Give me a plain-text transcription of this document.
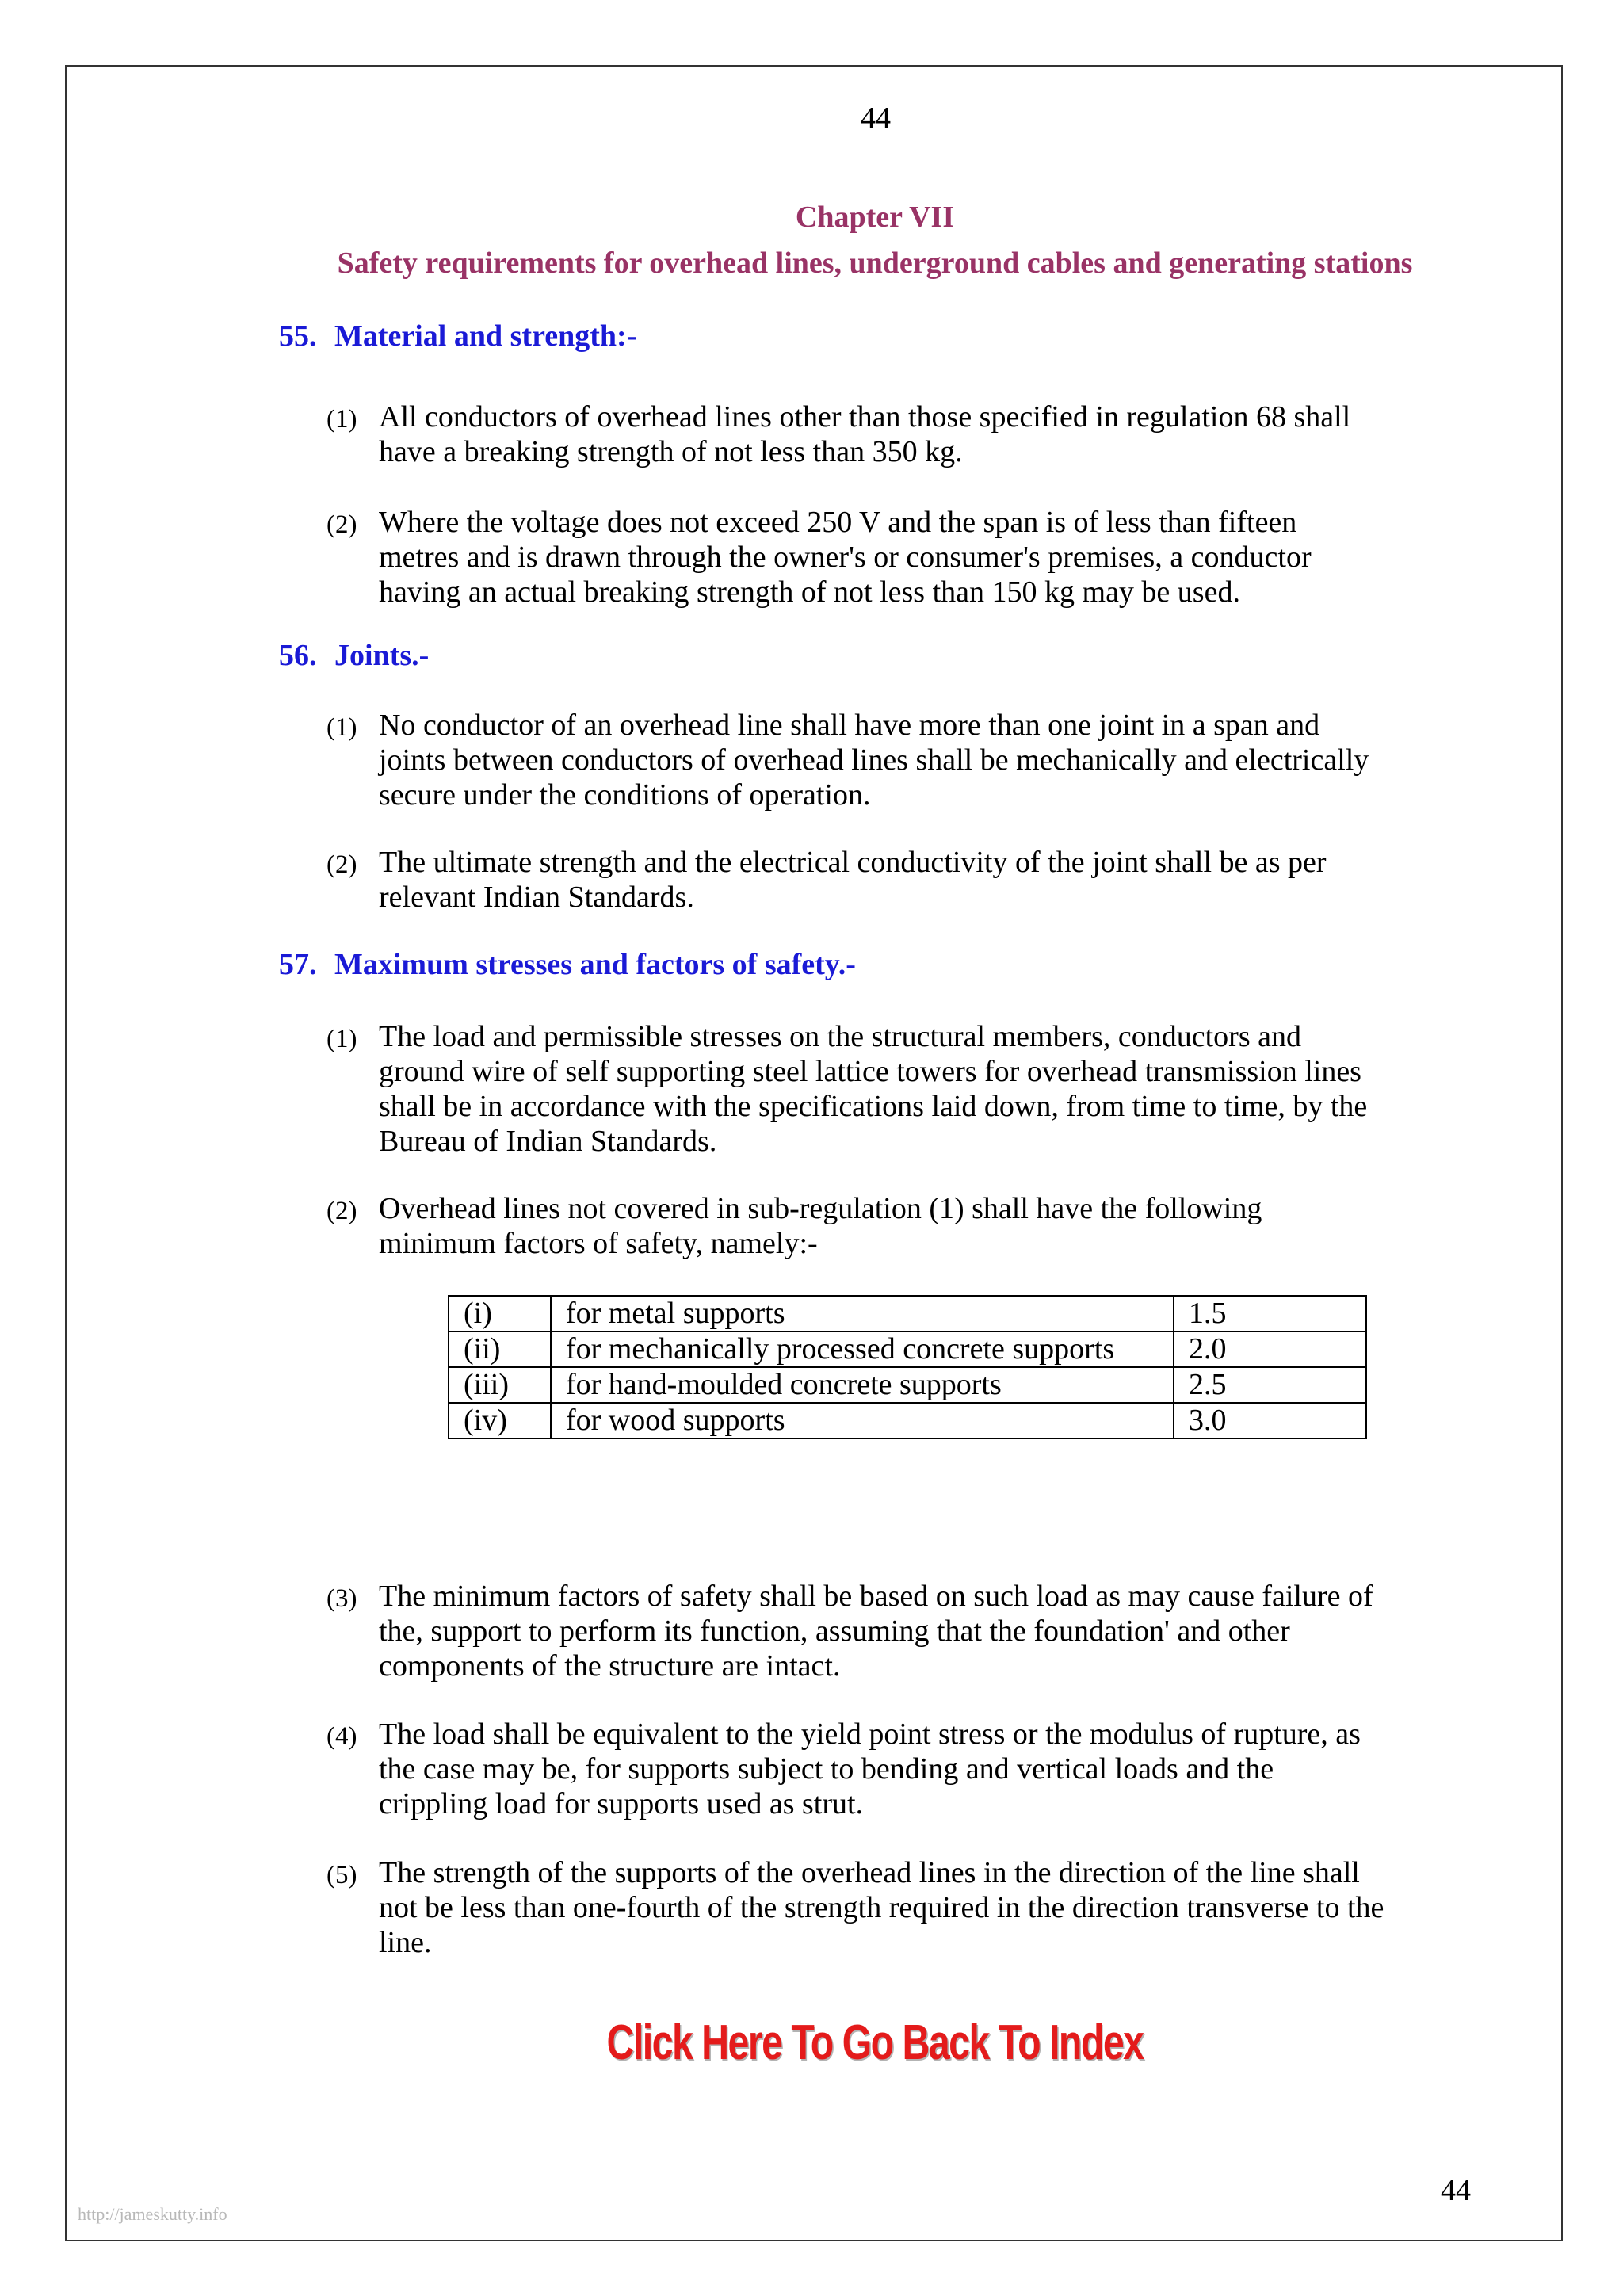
44
Chapter VII
Safety requirements for overhead lines, underground cables and generating stations
55. Material and strength:-
(1) All conductors of overhead lines other than those specified in regulation 68 shall
have a breaking strength of not less than 350 kg.
(2) Where the voltage does not exceed 250 V and the span is of less than fifteen
metres and is drawn through the owner's or consumer's premises, a conductor
having an actual breaking strength of not less than 150 kg may be used.
56. Joints.-
(1) No conductor of an overhead line shall have more than one joint in a span and
joints between conductors of overhead lines shall be mechanically and electrically
secure under the conditions of operation.
(2) The ultimate strength and the electrical conductivity of the joint shall be as per
relevant Indian Standards.
57. Maximum stresses and factors of safety.-
(1) The load and permissible stresses on the structural members, conductors and
ground wire of self supporting steel lattice towers for overhead transmission lines
shall be in accordance with the specifications laid down, from time to time, by the
Bureau of Indian Standards.
(2) Overhead lines not covered in sub-regulation (1) shall have the following
minimum factors of safety, namely:-
(i)	for metal supports	1.5
(ii)	for mechanically processed concrete supports	2.0
(iii)	for hand-moulded concrete supports	2.5
(iv)	for wood supports	3.0
(3) The minimum factors of safety shall be based on such load as may cause failure of
the, support to perform its function, assuming that the foundation' and other
components of the structure are intact.
(4) The load shall be equivalent to the yield point stress or the modulus of rupture, as
the case may be, for supports subject to bending and vertical loads and the
crippling load for supports used as strut.
(5) The strength of the supports of the overhead lines in the direction of the line shall
not be less than one-fourth of the strength required in the direction transverse to the
line.
Click Here To Go Back To Index
44
http://jameskutty.info
